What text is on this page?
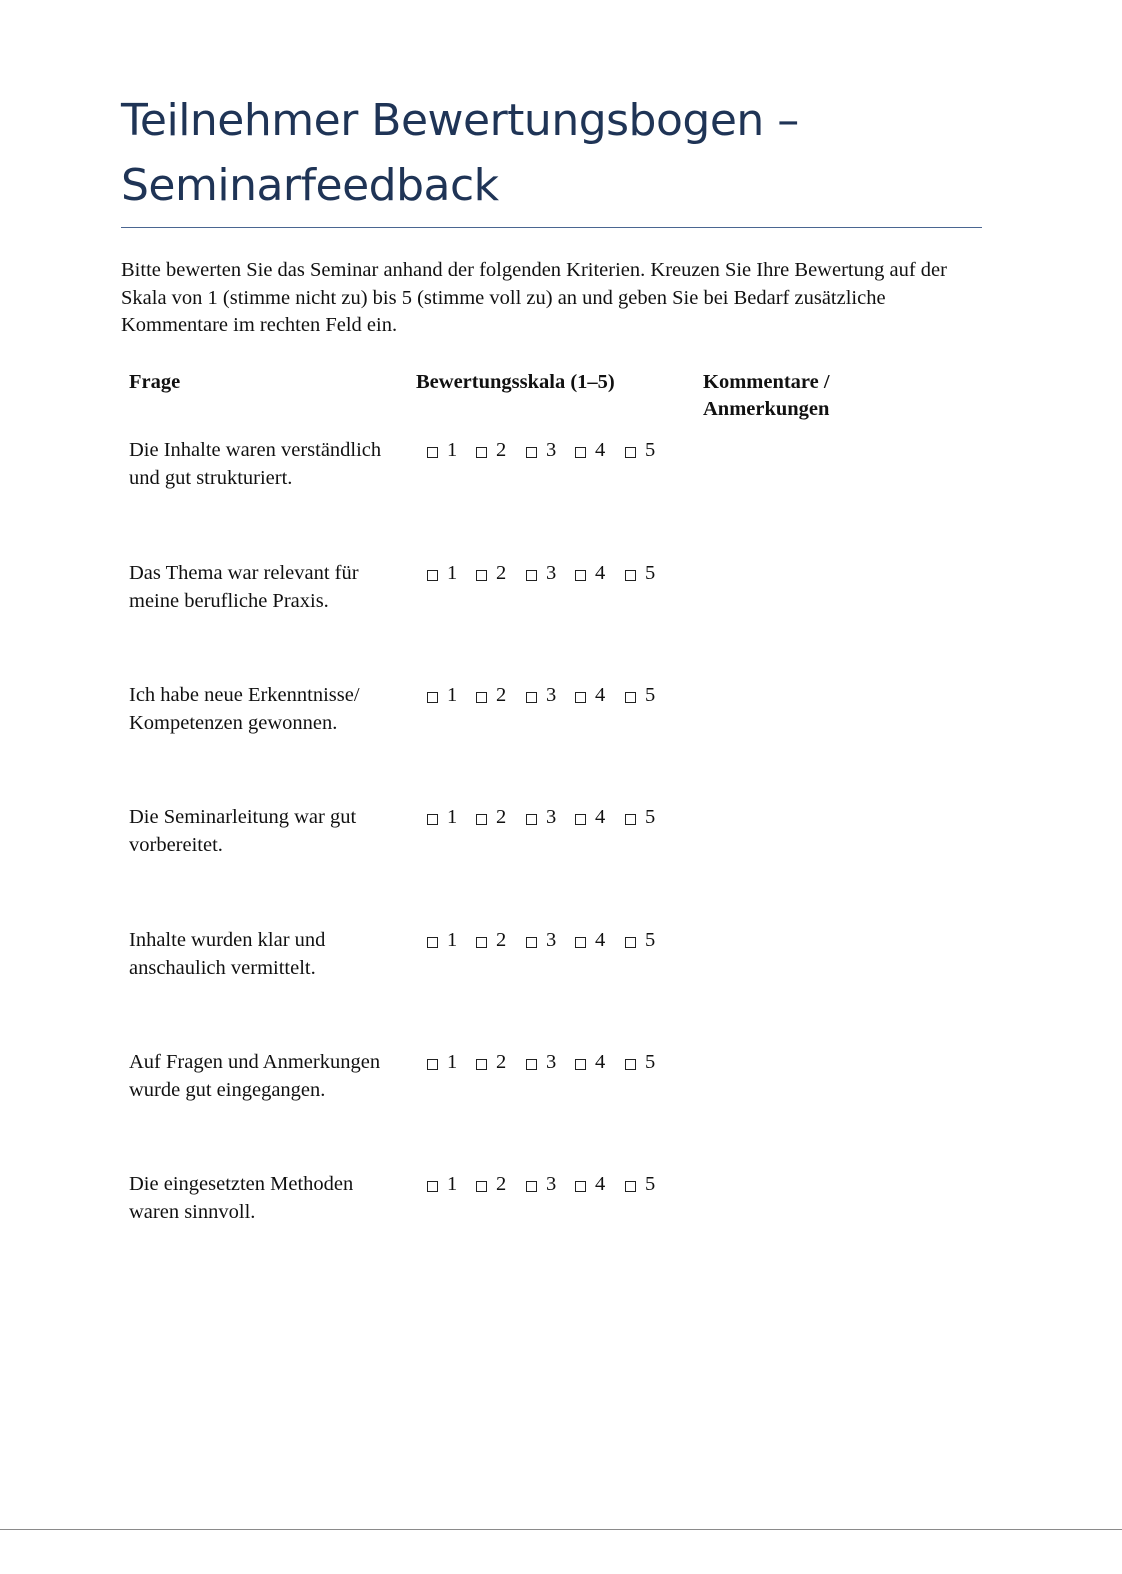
Teilnehmer Bewertungsbogen – Seminarfeedback

Bitte bewerten Sie das Seminar anhand der folgenden Kriterien. Kreuzen Sie Ihre Bewertung auf der Skala von 1 (stimme nicht zu) bis 5 (stimme voll zu) an und geben Sie bei Bedarf zusätzliche Kommentare im rechten Feld ein.

Frage	Bewertungsskala (1–5)	Kommentare / Anmerkungen
Die Inhalte waren verständlich und gut strukturiert.
1 2 3 4 5
Das Thema war relevant für meine berufliche Praxis.
1 2 3 4 5
Ich habe neue Erkenntnisse/ Kompetenzen gewonnen.
1 2 3 4 5
Die Seminarleitung war gut vorbereitet.
1 2 3 4 5
Inhalte wurden klar und anschaulich vermittelt.
1 2 3 4 5
Auf Fragen und Anmerkungen wurde gut eingegangen.
1 2 3 4 5
Die eingesetzten Methoden waren sinnvoll.
1 2 3 4 5
